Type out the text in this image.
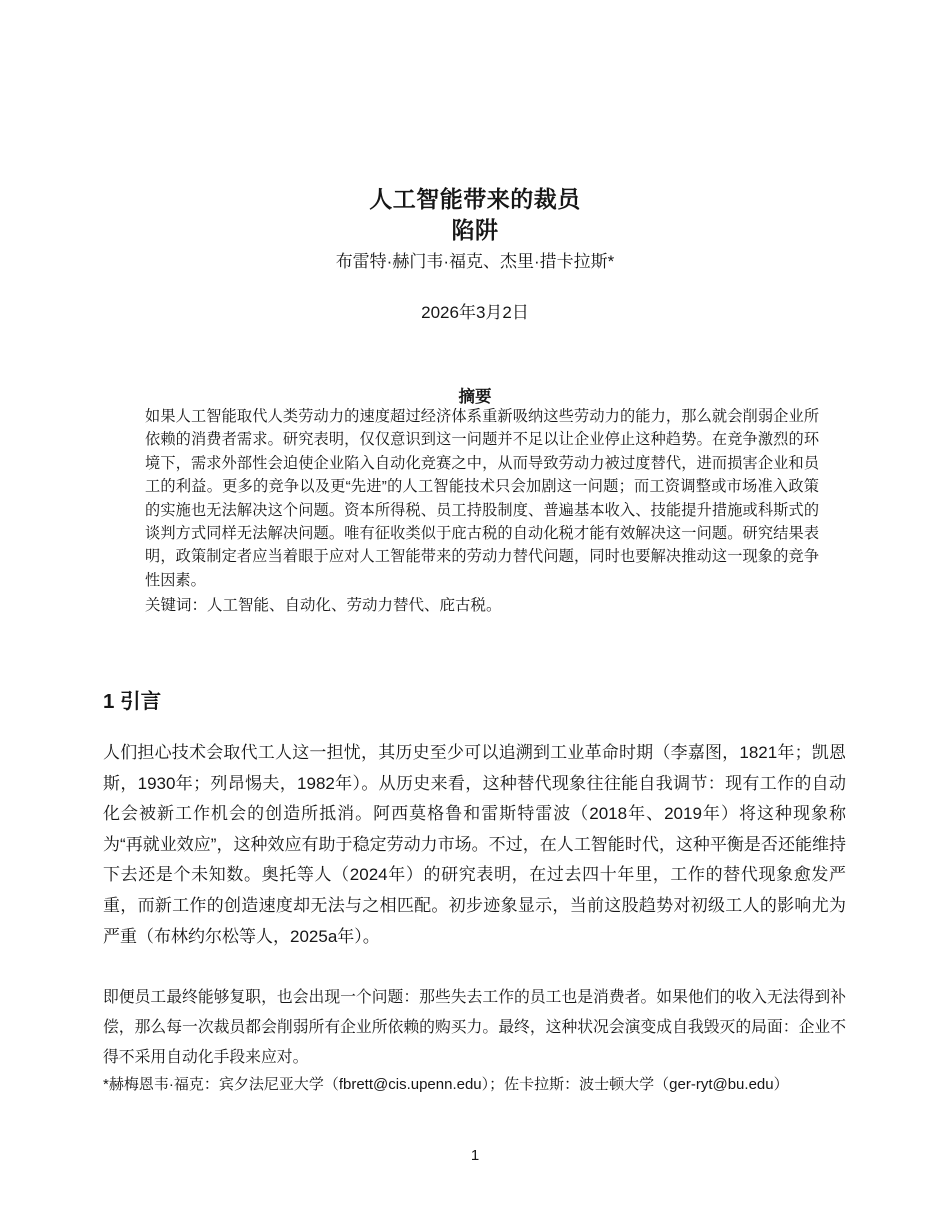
人工智能带来的裁员
陷阱
布雷特·赫门韦·福克、杰里·措卡拉斯*
2026年3月2日
摘要
如果人工智能取代人类劳动力的速度超过经济体系重新吸纳这些劳动力的能力，那么就会削弱企业所依赖的消费者需求。研究表明，仅仅意识到这一问题并不足以让企业停止这种趋势。在竞争激烈的环境下，需求外部性会迫使企业陷入自动化竞赛之中，从而导致劳动力被过度替代，进而损害企业和员工的利益。更多的竞争以及更“先进”的人工智能技术只会加剧这一问题；而工资调整或市场准入政策的实施也无法解决这个问题。资本所得税、员工持股制度、普遍基本收入、技能提升措施或科斯式的谈判方式同样无法解决问题。唯有征收类似于庇古税的自动化税才能有效解决这一问题。研究结果表明，政策制定者应当着眼于应对人工智能带来的劳动力替代问题，同时也要解决推动这一现象的竞争性因素。
关键词：人工智能、自动化、劳动力替代、庇古税。
1 引言
人们担心技术会取代工人这一担忧，其历史至少可以追溯到工业革命时期（李嘉图，1821年；凯恩斯，1930年；列昂惕夫，1982年）。从历史来看，这种替代现象往往能自我调节：现有工作的自动化会被新工作机会的创造所抵消。阿西莫格鲁和雷斯特雷波（2018年、2019年）将这种现象称为“再就业效应”，这种效应有助于稳定劳动力市场。不过，在人工智能时代，这种平衡是否还能维持下去还是个未知数。奥托等人（2024年）的研究表明，在过去四十年里，工作的替代现象愈发严重，而新工作的创造速度却无法与之相匹配。初步迹象显示，当前这股趋势对初级工人的影响尤为严重（布林约尔松等人，2025a年）。
即便员工最终能够复职，也会出现一个问题：那些失去工作的员工也是消费者。如果他们的收入无法得到补偿，那么每一次裁员都会削弱所有企业所依赖的购买力。最终，这种状况会演变成自我毁灭的局面：企业不得不采用自动化手段来应对。
*赫梅恩韦·福克：宾夕法尼亚大学（fbrett@cis.upenn.edu）；佐卡拉斯：波士顿大学（ger-ryt@bu.edu）
1
